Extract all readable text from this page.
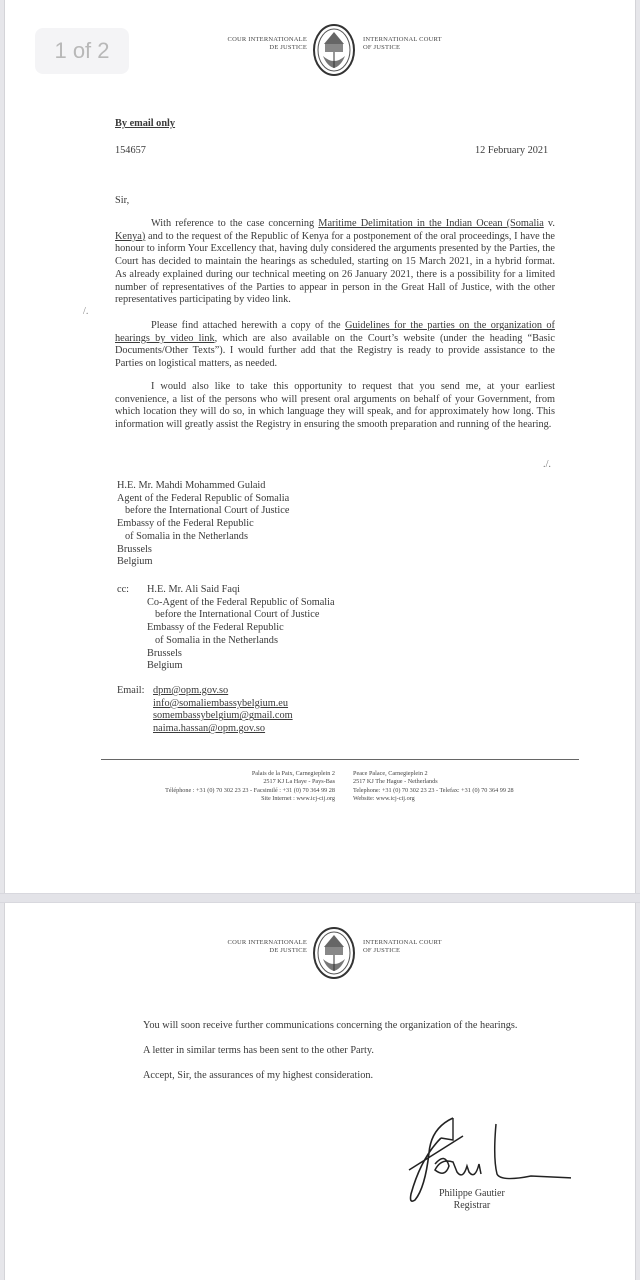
COUR INTERNATIONALE
DE JUSTICE
INTERNATIONAL COURT
OF JUSTICE
1 of 2
By email only
154657	12 February 2021
Sir,
With reference to the case concerning Maritime Delimitation in the Indian Ocean (Somalia v. Kenya) and to the request of the Republic of Kenya for a postponement of the oral proceedings, I have the honour to inform Your Excellency that, having duly considered the arguments presented by the Parties, the Court has decided to maintain the hearings as scheduled, starting on 15 March 2021, in a hybrid format. As already explained during our technical meeting on 26 January 2021, there is a possibility for a limited number of representatives of the Parties to appear in person in the Great Hall of Justice, with the other representatives participating by video link.
/.
Please find attached herewith a copy of the Guidelines for the parties on the organization of hearings by video link, which are also available on the Court’s website (under the heading “Basic Documents/Other Texts”). I would further add that the Registry is ready to provide assistance to the Parties on logistical matters, as needed.
I would also like to take this opportunity to request that you send me, at your earliest convenience, a list of the persons who will present oral arguments on behalf of your Government, from which location they will do so, in which language they will speak, and for approximately how long. This information will greatly assist the Registry in ensuring the smooth preparation and running of the hearing.
./.
H.E. Mr. Mahdi Mohammed Gulaid
Agent of the Federal Republic of Somalia
before the International Court of Justice
Embassy of the Federal Republic
of Somalia in the Netherlands
Brussels
Belgium
cc: H.E. Mr. Ali Said Faqi
Co-Agent of the Federal Republic of Somalia
before the International Court of Justice
Embassy of the Federal Republic
of Somalia in the Netherlands
Brussels
Belgium
Email: dpm@opm.gov.so
info@somaliembassybelgium.eu
somembassybelgium@gmail.com
naima.hassan@opm.gov.so
Palais de la Paix, Carnegieplein 2
2517 KJ La Haye - Pays-Bas
Téléphone : +31 (0) 70 302 23 23 - Facsimilé : +31 (0) 70 364 99 28
Site Internet : www.icj-cij.org
Peace Palace, Carnegieplein 2
2517 KJ The Hague - Netherlands
Telephone: +31 (0) 70 302 23 23 - Telefax: +31 (0) 70 364 99 28
Website: www.icj-cij.org
COUR INTERNATIONALE
DE JUSTICE
INTERNATIONAL COURT
OF JUSTICE
You will soon receive further communications concerning the organization of the hearings.
A letter in similar terms has been sent to the other Party.
Accept, Sir, the assurances of my highest consideration.
Philippe Gautier
Registrar
